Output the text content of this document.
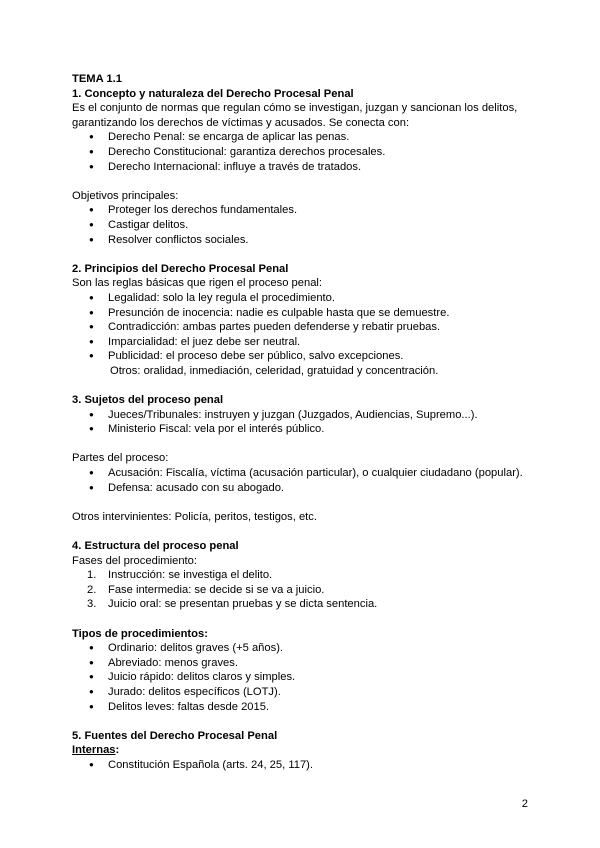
TEMA 1.1

1. Concepto y naturaleza del Derecho Procesal Penal

Es el conjunto de normas que regulan cómo se investigan, juzgan y sancionan los delitos,

garantizando los derechos de víctimas y acusados. Se conecta con:

● Derecho Penal: se encarga de aplicar las penas.
● Derecho Constitucional: garantiza derechos procesales.
● Derecho Internacional: influye a través de tratados.

Objetivos principales:

● Proteger los derechos fundamentales.
● Castigar delitos.
● Resolver conflictos sociales.

2. Principios del Derecho Procesal Penal

Son las reglas básicas que rigen el proceso penal:

● Legalidad: solo la ley regula el procedimiento.
● Presunción de inocencia: nadie es culpable hasta que se demuestre.
● Contradicción: ambas partes pueden defenderse y rebatir pruebas.
● Imparcialidad: el juez debe ser neutral.
● Publicidad: el proceso debe ser público, salvo excepciones.

Otros: oralidad, inmediación, celeridad, gratuidad y concentración.

3. Sujetos del proceso penal

● Jueces/Tribunales: instruyen y juzgan (Juzgados, Audiencias, Supremo...).
● Ministerio Fiscal: vela por el interés público.

Partes del proceso:

● Acusación: Fiscalía, víctima (acusación particular), o cualquier ciudadano (popular).
● Defensa: acusado con su abogado.

Otros intervinientes: Policía, peritos, testigos, etc.

4. Estructura del proceso penal

Fases del procedimiento:

1. Instrucción: se investiga el delito.
2. Fase intermedia: se decide si se va a juicio.
3. Juicio oral: se presentan pruebas y se dicta sentencia.

Tipos de procedimientos:

● Ordinario: delitos graves (+5 años).
● Abreviado: menos graves.
● Juicio rápido: delitos claros y simples.
● Jurado: delitos específicos (LOTJ).
● Delitos leves: faltas desde 2015.

5. Fuentes del Derecho Procesal Penal

Internas:

● Constitución Española (arts. 24, 25, 117).
2
